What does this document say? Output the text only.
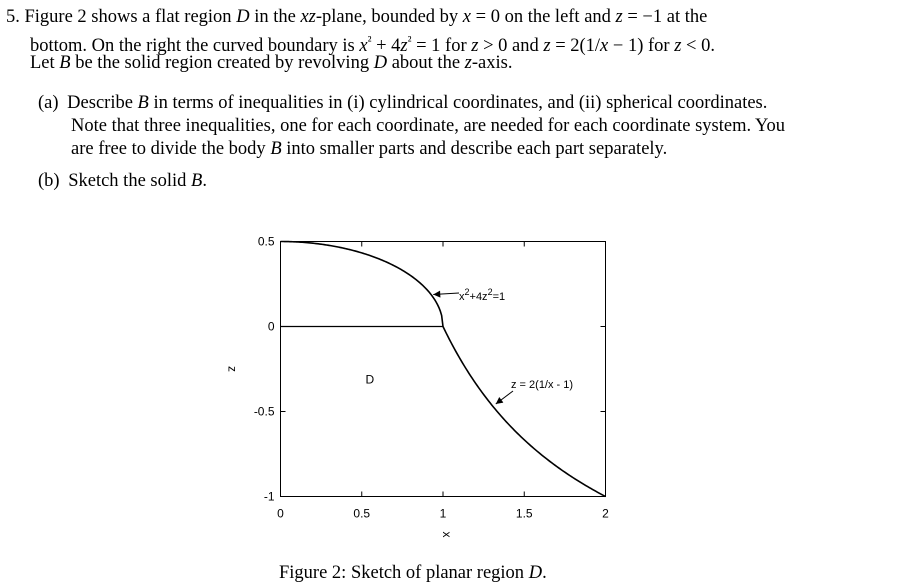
5. Figure 2 shows a flat region D in the xz-plane, bounded by x = 0 on the left and z = −1 at the
bottom. On the right the curved boundary is $x^{^2} + 4z^{^2} = 1$ for z > 0 and z = 2(1/x − 1) for z < 0.
Let B be the solid region created by revolving D about the z-axis.
(a) Describe B in terms of inequalities in (i) cylindrical coordinates, and (ii) spherical coordinates.
Note that three inequalities, one for each coordinate, are needed for each coordinate system. You
are free to divide the body B into smaller parts and describe each part separately.
(b) Sketch the solid B.
0	0.5	1	1.5	2
0.5
0
-0.5
-1
x
z
D
$x^2+4z^2=1$
z = 2(1/x - 1)
Figure 2: Sketch of planar region D.
